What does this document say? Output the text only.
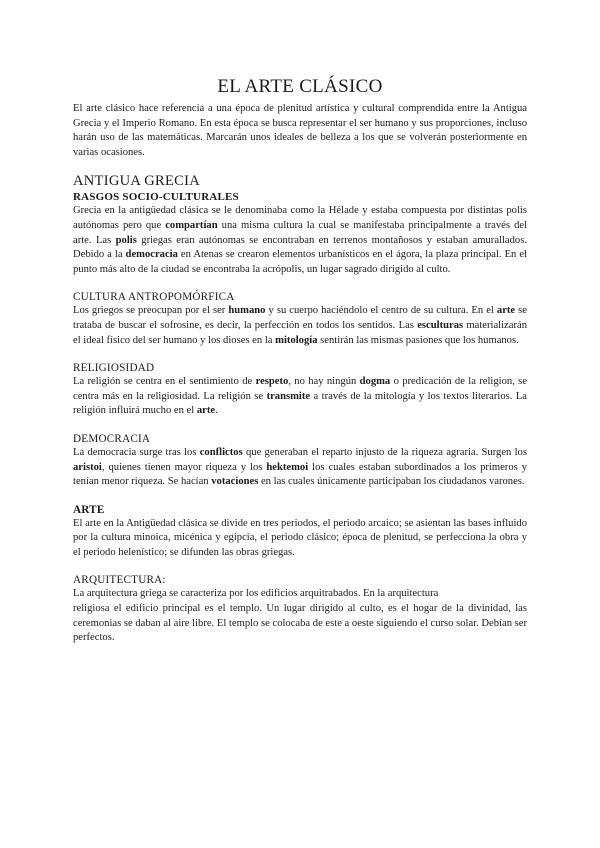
EL ARTE CLÁSICO

El arte clásico hace referencia a una época de plenitud artística y cultural comprendida entre la Antigua Grecia y el Imperio Romano. En esta época se busca representar el ser humano y sus proporciones, incluso harán uso de las matemáticas. Marcarán unos ideales de belleza a los que se volverán posteriormente en varias ocasiones.

ANTIGUA GRECIA
RASGOS SOCIO-CULTURALES

Grecia en la antigüedad clásica se le denominaba como la Hélade y estaba compuesta por distintas polis autónomas pero que compartían una misma cultura la cual se manifestaba principalmente a través del arte. Las polis griegas eran autónomas se encontraban en terrenos montañosos y estaban amurallados. Debido a la democracia en Atenas se crearon elementos urbanísticos en el ágora, la plaza principal. En el punto más alto de la ciudad se encontraba la acrópolis, un lugar sagrado dirigido al culto.

CULTURA ANTROPOMÓRFICA

Los griegos se preocupan por el ser humano y su cuerpo haciéndolo el centro de su cultura. En el arte se trataba de buscar el sofrosine, es decir, la perfección en todos los sentidos. Las esculturas materializarán el ideal físico del ser humano y los dioses en la mitología sentirán las mismas pasiones que los humanos.

RELIGIOSIDAD

La religión se centra en el sentimiento de respeto, no hay ningún dogma o predicación de la religion, se centra más en la religiosidad. La religión se transmite a través de la mitología y los textos literarios. La religión influirá mucho en el arte.

DEMOCRACIA

La democracia surge tras los conflictos que generaban el reparto injusto de la riqueza agraria. Surgen los aristoi, quienes tienen mayor riqueza y los hektemoi los cuales estaban subordinados a los primeros y tenían menor riqueza. Se hacían votaciones en las cuales únicamente participaban los ciudadanos varones.

ARTE

El arte en la Antigüedad clásica se divide en tres periodos, el periodo arcaico; se asientan las bases influido por la cultura minoica, micénica y egipcia, el periodo clásico; época de plenitud, se perfecciona la obra y el periodo helenístico; se difunden las obras griegas.

ARQUITECTURA:

La arquitectura griega se caracteriza por los edificios arquitrabados. En la arquitectura

religiosa el edificio principal es el templo. Un lugar dirigido al culto, es el hogar de la divinidad, las ceremonias se daban al aire libre. El templo se colocaba de este a oeste siguiendo el curso solar. Debían ser perfectos.
